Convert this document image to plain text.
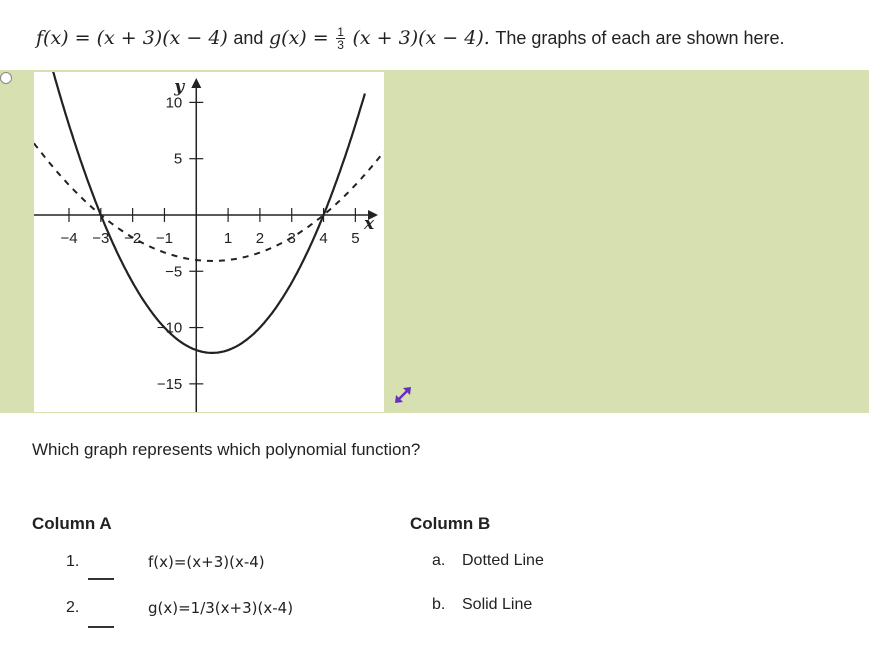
f(x) = (x + 3)(x − 4) and $g(x) = \frac{1}{3} (x + 3)(x - 4)$. The graphs of each are shown here.
x
y
−4 −3 −2 −1	1 2 3 4 5
10
5
−5
−10
−15
Which graph represents which polynomial function?
Column A	Column B
1.	f(x)=(x+3)(x-4)
2.	g(x)=1/3(x+3)(x-4)
a. Dotted Line
b. Solid Line
